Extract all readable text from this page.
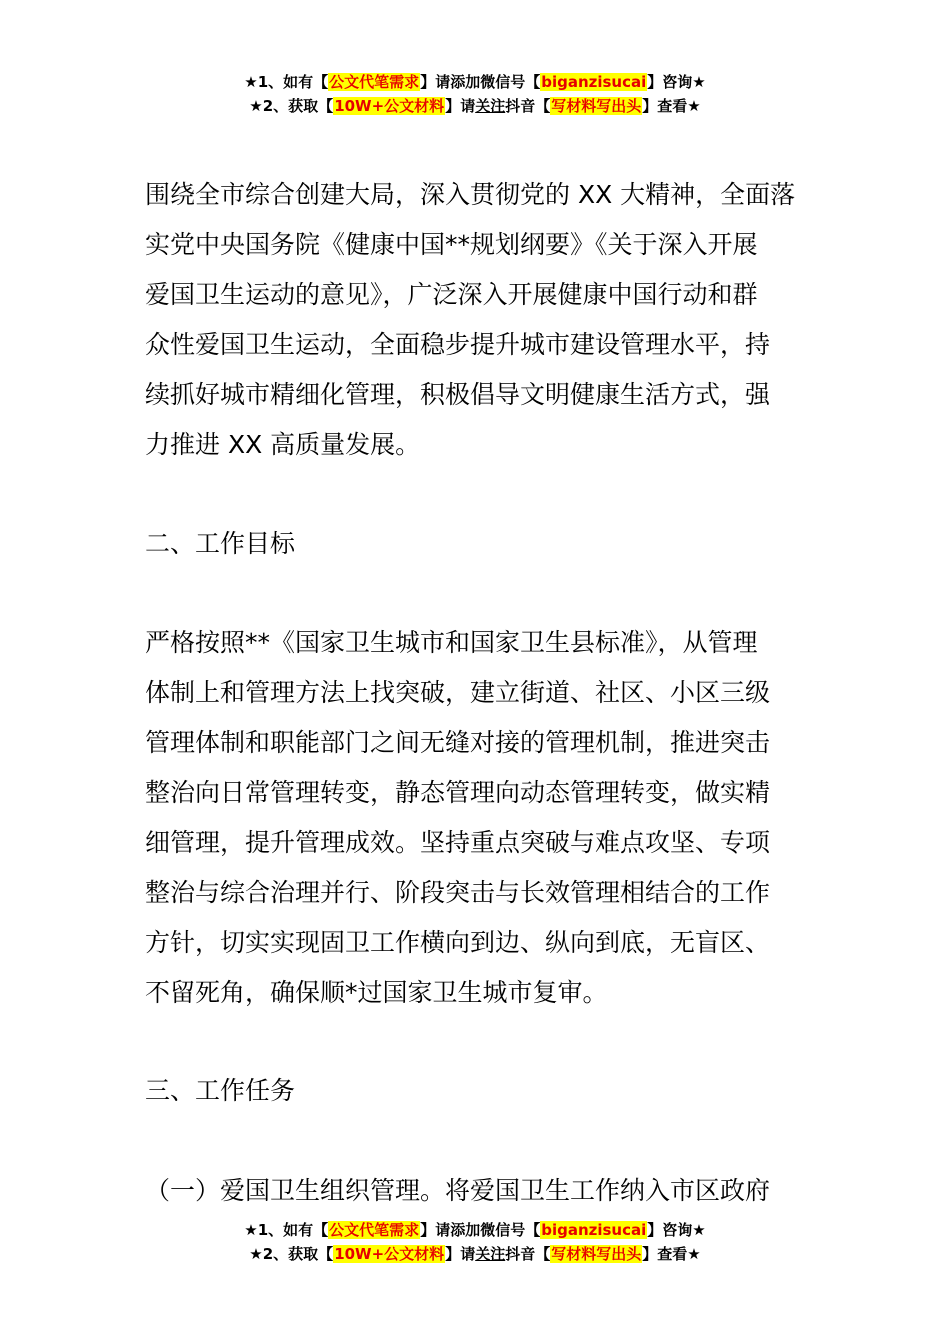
★1、如有【公文代笔需求】请添加微信号【biganzisucai】咨询★
★2、获取【10W+公文材料】请关注抖音【写材料写出头】查看★
围绕全市综合创建大局，深入贯彻党的 XX 大精神，全面落
实党中央国务院《健康中国**规划纲要》《关于深入开展
爱国卫生运动的意见》，广泛深入开展健康中国行动和群
众性爱国卫生运动，全面稳步提升城市建设管理水平，持
续抓好城市精细化管理，积极倡导文明健康生活方式，强
力推进 XX 高质量发展。
二、工作目标
严格按照**《国家卫生城市和国家卫生县标准》，从管理
体制上和管理方法上找突破，建立街道、社区、小区三级
管理体制和职能部门之间无缝对接的管理机制，推进突击
整治向日常管理转变，静态管理向动态管理转变，做实精
细管理，提升管理成效。坚持重点突破与难点攻坚、专项
整治与综合治理并行、阶段突击与长效管理相结合的工作
方针，切实实现固卫工作横向到边、纵向到底，无盲区、
不留死角，确保顺*过国家卫生城市复审。
三、工作任务
（一）爱国卫生组织管理。将爱国卫生工作纳入市区政府
★1、如有【公文代笔需求】请添加微信号【biganzisucai】咨询★
★2、获取【10W+公文材料】请关注抖音【写材料写出头】查看★
